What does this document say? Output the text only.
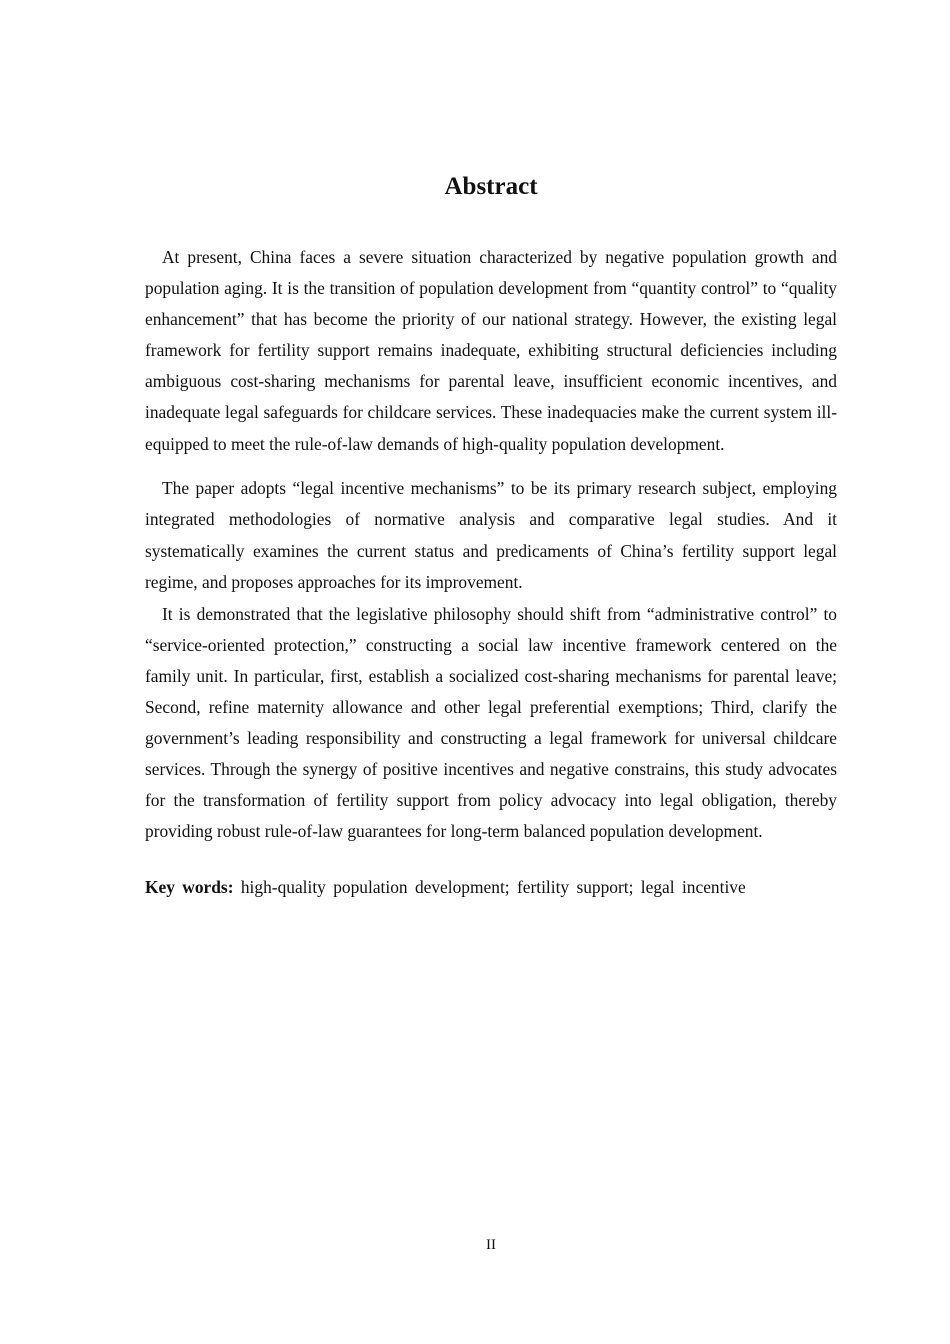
Abstract

At present, China faces a severe situation characterized by negative population growth and population aging. It is the transition of population development from “quantity control” to “quality enhancement” that has become the priority of our national strategy. However, the existing legal framework for fertility support remains inadequate, exhibiting structural deficiencies including ambiguous cost-sharing mechanisms for parental leave, insufficient economic incentives, and inadequate legal safeguards for childcare services. These inadequacies make the current system ill-equipped to meet the rule-of-law demands of high-quality population development.

The paper adopts “legal incentive mechanisms” to be its primary research subject, employing integrated methodologies of normative analysis and comparative legal studies. And it systematically examines the current status and predicaments of China’s fertility support legal regime, and proposes approaches for its improvement.

It is demonstrated that the legislative philosophy should shift from “administrative control” to “service-oriented protection,” constructing a social law incentive framework centered on the family unit. In particular, first, establish a socialized cost-sharing mechanisms for parental leave; Second, refine maternity allowance and other legal preferential exemptions; Third, clarify the government’s leading responsibility and constructing a legal framework for universal childcare services. Through the synergy of positive incentives and negative constrains, this study advocates for the transformation of fertility support from policy advocacy into legal obligation, thereby providing robust rule-of-law guarantees for long-term balanced population development.

Key words: high-quality population development; fertility support; legal incentive

II
